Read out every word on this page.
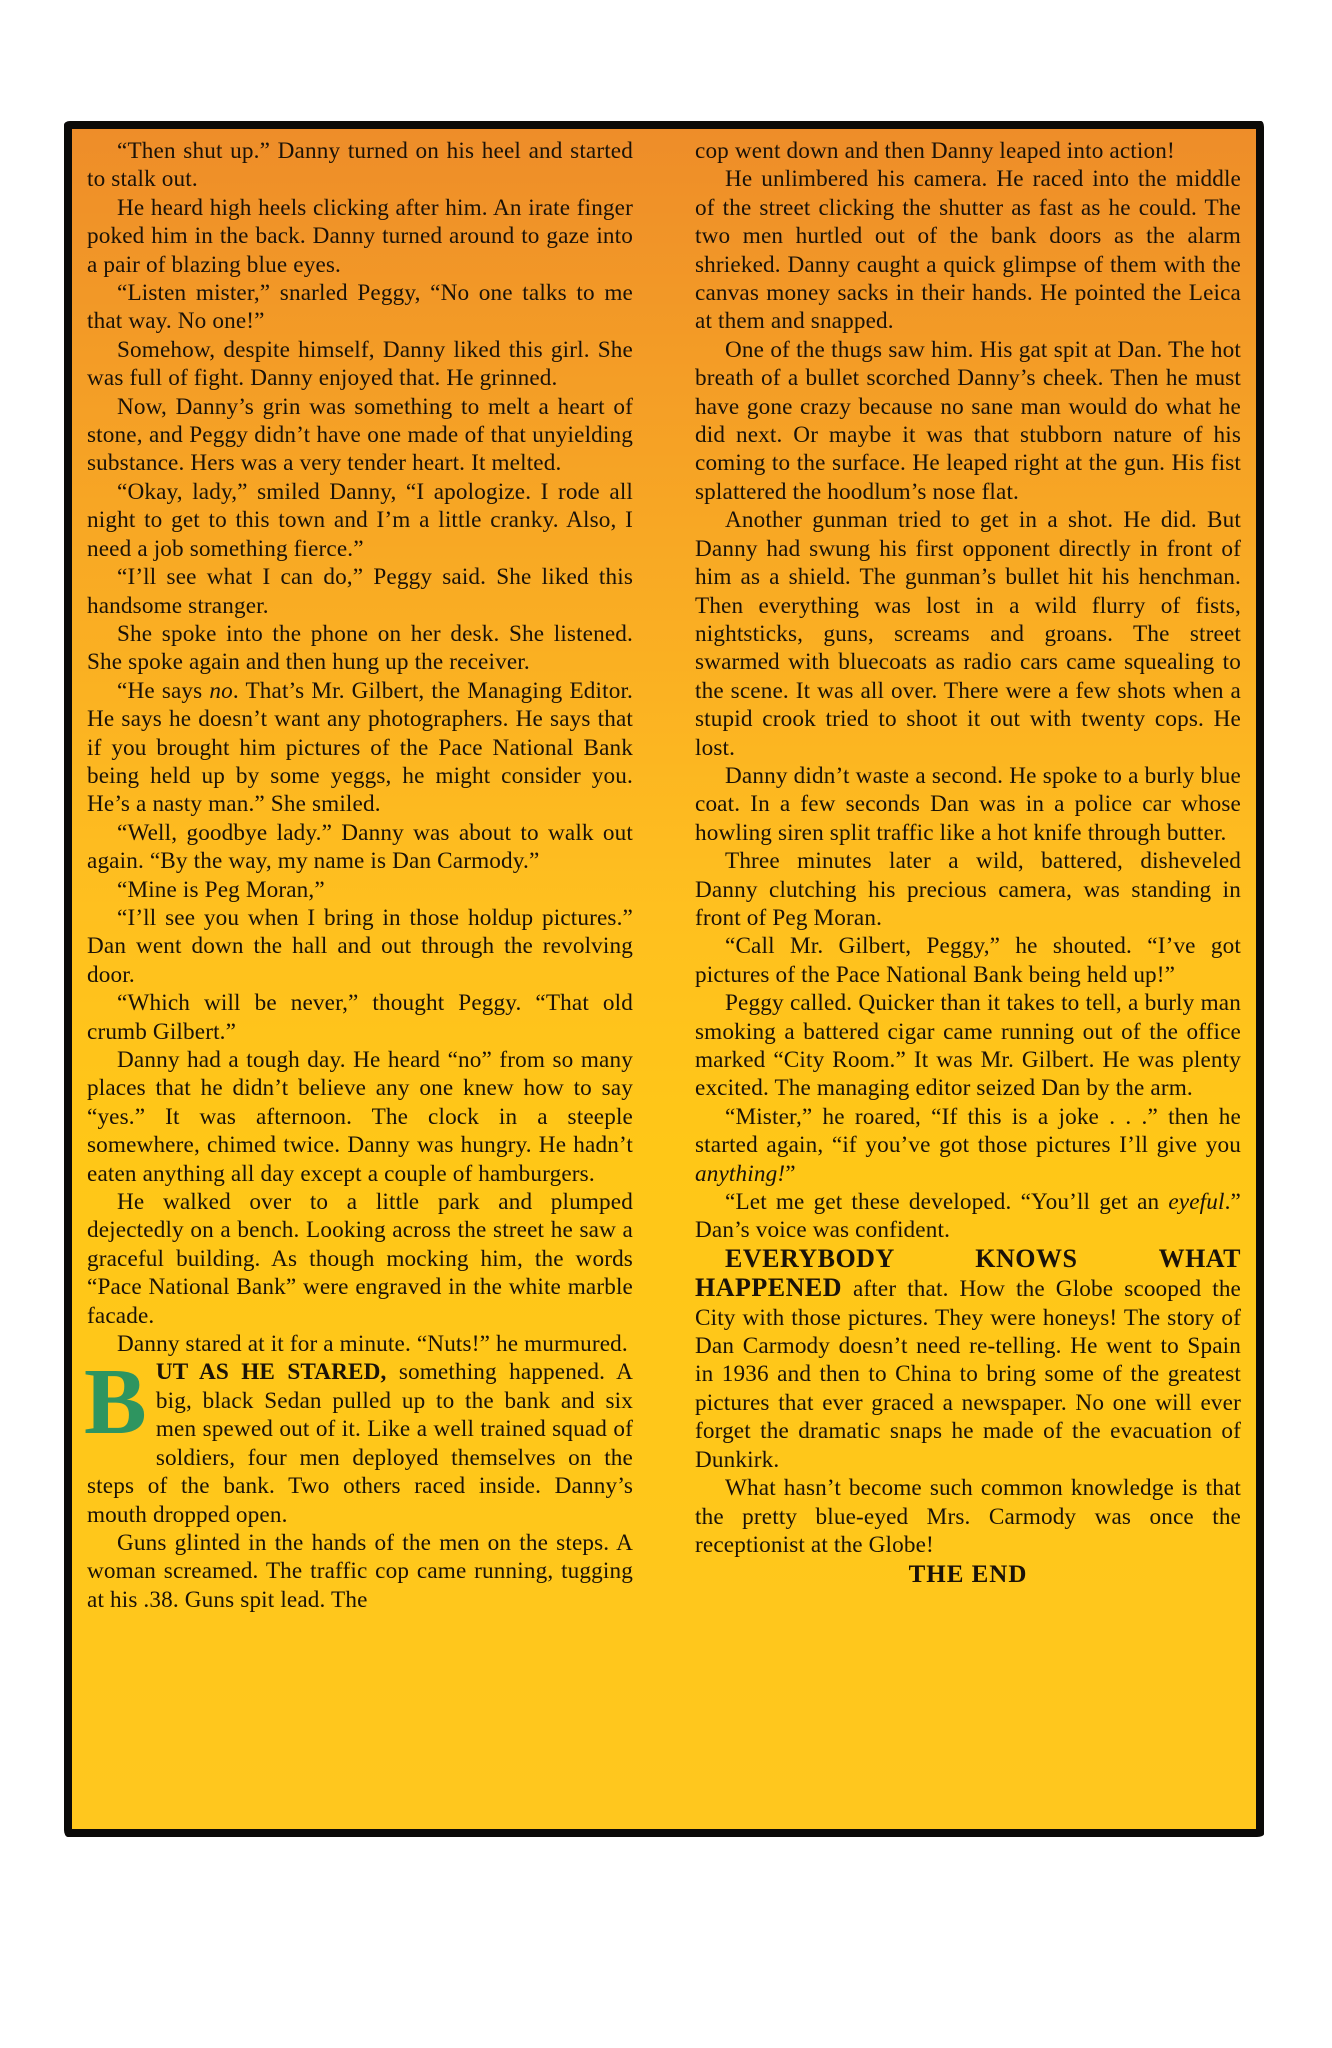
“Then shut up.” Danny turned on his heel and started to stalk out.

He heard high heels clicking after him. An irate finger poked him in the back. Danny turned around to gaze into a pair of blazing blue eyes.

“Listen mister,” snarled Peggy, “No one talks to me that way. No one!”

Somehow, despite himself, Danny liked this girl. She was full of fight. Danny enjoyed that. He grinned.

Now, Danny’s grin was something to melt a heart of stone, and Peggy didn’t have one made of that unyielding substance. Hers was a very tender heart. It melted.

“Okay, lady,” smiled Danny, “I apologize. I rode all night to get to this town and I’m a little cranky. Also, I need a job something fierce.”

“I’ll see what I can do,” Peggy said. She liked this handsome stranger.

She spoke into the phone on her desk. She listened. She spoke again and then hung up the receiver.

“He says no. That’s Mr. Gilbert, the Managing Editor. He says he doesn’t want any photographers. He says that if you brought him pictures of the Pace National Bank being held up by some yeggs, he might consider you. He’s a nasty man.” She smiled.

“Well, goodbye lady.” Danny was about to walk out again. “By the way, my name is Dan Carmody.”

“Mine is Peg Moran,”

“I’ll see you when I bring in those holdup pictures.” Dan went down the hall and out through the revolving door.

“Which will be never,” thought Peggy. “That old crumb Gilbert.”

Danny had a tough day. He heard “no” from so many places that he didn’t believe any one knew how to say “yes.” It was afternoon. The clock in a steeple somewhere, chimed twice. Danny was hungry. He hadn’t eaten anything all day except a couple of hamburgers.

He walked over to a little park and plumped dejectedly on a bench. Looking across the street he saw a graceful building. As though mocking him, the words “Pace National Bank” were engraved in the white marble facade.

Danny stared at it for a minute. “Nuts!” he murmured.

BUT AS HE STARED, something happened. A big, black Sedan pulled up to the bank and six men spewed out of it. Like a well trained squad of soldiers, four men deployed themselves on the steps of the bank. Two others raced inside. Danny’s mouth dropped open.

Guns glinted in the hands of the men on the steps. A woman screamed. The traffic cop came running, tugging at his .38. Guns spit lead. The

cop went down and then Danny leaped into action!

He unlimbered his camera. He raced into the middle of the street clicking the shutter as fast as he could. The two men hurtled out of the bank doors as the alarm shrieked. Danny caught a quick glimpse of them with the canvas money sacks in their hands. He pointed the Leica at them and snapped.

One of the thugs saw him. His gat spit at Dan. The hot breath of a bullet scorched Danny’s cheek. Then he must have gone crazy because no sane man would do what he did next. Or maybe it was that stubborn nature of his coming to the surface. He leaped right at the gun. His fist splattered the hoodlum’s nose flat.

Another gunman tried to get in a shot. He did. But Danny had swung his first opponent directly in front of him as a shield. The gunman’s bullet hit his henchman. Then everything was lost in a wild flurry of fists, nightsticks, guns, screams and groans. The street swarmed with bluecoats as radio cars came squealing to the scene. It was all over. There were a few shots when a stupid crook tried to shoot it out with twenty cops. He lost.

Danny didn’t waste a second. He spoke to a burly blue coat. In a few seconds Dan was in a police car whose howling siren split traffic like a hot knife through butter.

Three minutes later a wild, battered, disheveled Danny clutching his precious camera, was standing in front of Peg Moran.

“Call Mr. Gilbert, Peggy,” he shouted. “I’ve got pictures of the Pace National Bank being held up!”

Peggy called. Quicker than it takes to tell, a burly man smoking a battered cigar came running out of the office marked “City Room.” It was Mr. Gilbert. He was plenty excited. The managing editor seized Dan by the arm.

“Mister,” he roared, “If this is a joke . . .” then he started again, “if you’ve got those pictures I’ll give you anything!”

“Let me get these developed. “You’ll get an eyeful.” Dan’s voice was confident.

EVERYBODY KNOWS WHAT HAPPENED after that. How the Globe scooped the City with those pictures. They were honeys! The story of Dan Carmody doesn’t need re-telling. He went to Spain in 1936 and then to China to bring some of the greatest pictures that ever graced a newspaper. No one will ever forget the dramatic snaps he made of the evacuation of Dunkirk.

What hasn’t become such common knowledge is that the pretty blue-eyed Mrs. Carmody was once the receptionist at the Globe!

THE END
